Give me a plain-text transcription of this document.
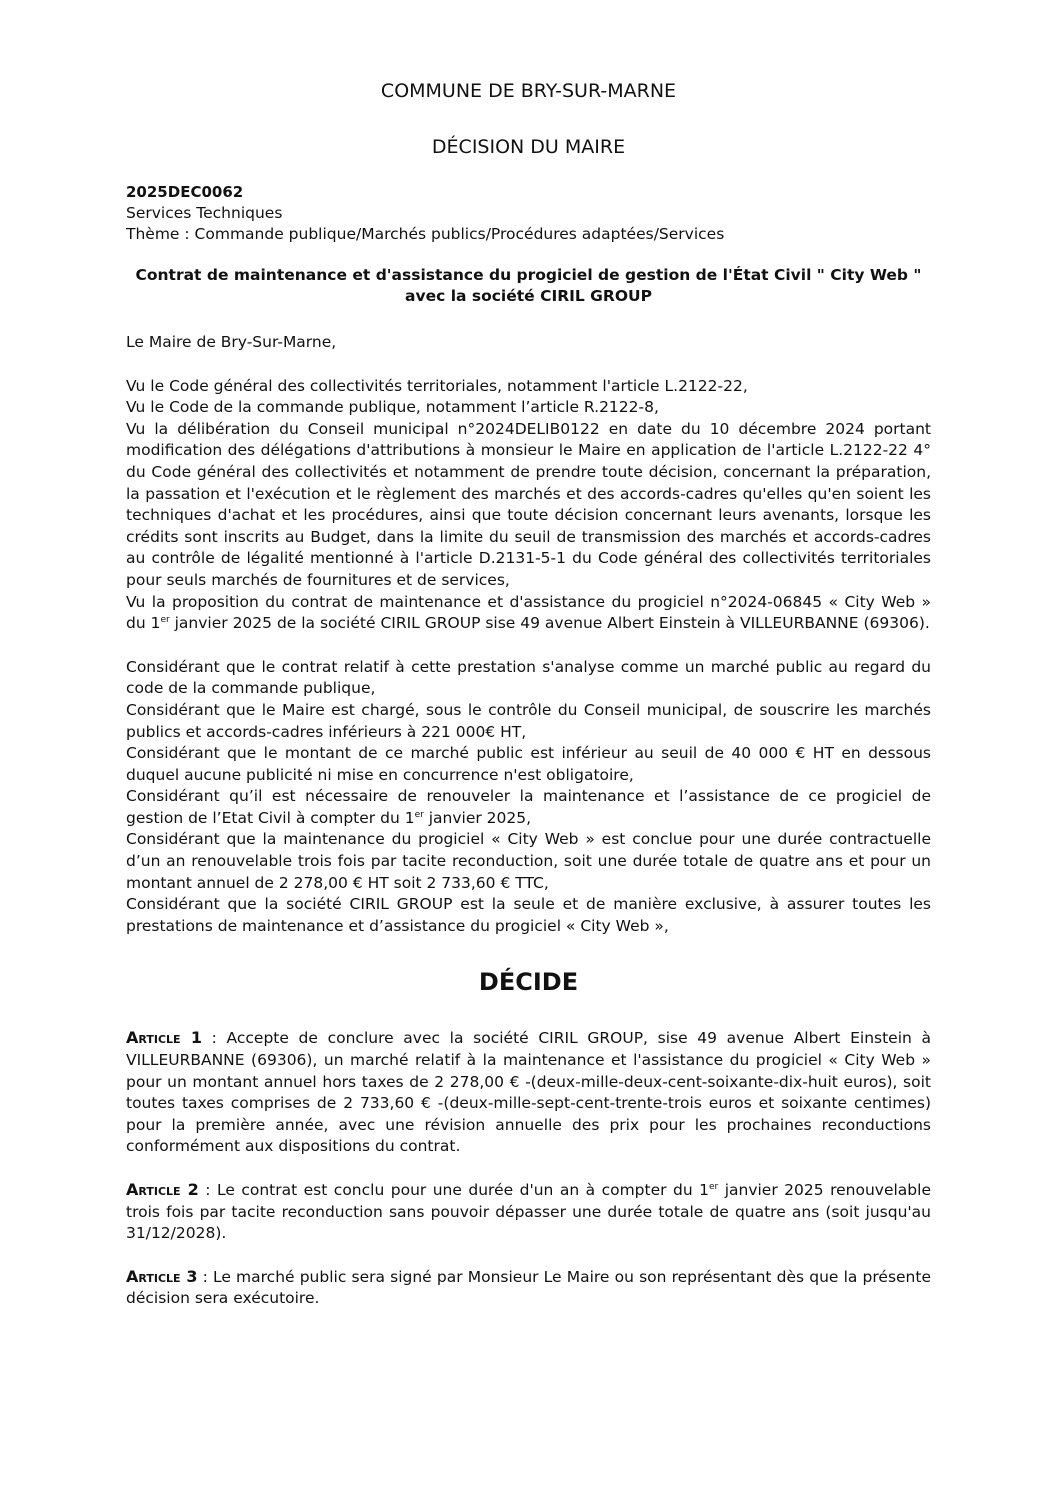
COMMUNE DE BRY-SUR-MARNE
DÉCISION DU MAIRE
2025DEC0062
Services Techniques
Thème : Commande publique/Marchés publics/Procédures adaptées/Services
Contrat de maintenance et d'assistance du progiciel de gestion de l'État Civil " City Web "
avec la société CIRIL GROUP
Le Maire de Bry-Sur-Marne,
Vu le Code général des collectivités territoriales, notamment l'article L.2122-22,
Vu le Code de la commande publique, notamment l’article R.2122-8,
Vu la délibération du Conseil municipal n°2024DELIB0122 en date du 10 décembre 2024 portant modification des délégations d'attributions à monsieur le Maire en application de l'article L.2122-22 4° du Code général des collectivités et notamment de prendre toute décision, concernant la préparation, la passation et l'exécution et le règlement des marchés et des accords-cadres qu'elles qu'en soient les techniques d'achat et les procédures, ainsi que toute décision concernant leurs avenants, lorsque les crédits sont inscrits au Budget, dans la limite du seuil de transmission des marchés et accords-cadres au contrôle de légalité mentionné à l'article D.2131-5-1 du Code général des collectivités territoriales pour seuls marchés de fournitures et de services,
Vu la proposition du contrat de maintenance et d'assistance du progiciel n°2024-06845 « City Web » du 1er janvier 2025 de la société CIRIL GROUP sise 49 avenue Albert Einstein à VILLEURBANNE (69306).
Considérant que le contrat relatif à cette prestation s'analyse comme un marché public au regard du code de la commande publique,
Considérant que le Maire est chargé, sous le contrôle du Conseil municipal, de souscrire les marchés publics et accords-cadres inférieurs à 221 000€ HT,
Considérant que le montant de ce marché public est inférieur au seuil de 40 000 € HT en dessous duquel aucune publicité ni mise en concurrence n'est obligatoire,
Considérant qu’il est nécessaire de renouveler la maintenance et l’assistance de ce progiciel de gestion de l’Etat Civil à compter du 1er janvier 2025,
Considérant que la maintenance du progiciel « City Web » est conclue pour une durée contractuelle d’un an renouvelable trois fois par tacite reconduction, soit une durée totale de quatre ans et pour un montant annuel de 2 278,00 € HT soit 2 733,60 € TTC,
Considérant que la société CIRIL GROUP est la seule et de manière exclusive, à assurer toutes les prestations de maintenance et d’assistance du progiciel « City Web »,
DÉCIDE
Article 1 : Accepte de conclure avec la société CIRIL GROUP, sise 49 avenue Albert Einstein à VILLEURBANNE (69306), un marché relatif à la maintenance et l'assistance du progiciel « City Web » pour un montant annuel hors taxes de 2 278,00 € -(deux-mille-deux-cent-soixante-dix-huit euros), soit toutes taxes comprises de 2 733,60 € -(deux-mille-sept-cent-trente-trois euros et soixante centimes) pour la première année, avec une révision annuelle des prix pour les prochaines reconductions conformément aux dispositions du contrat.
Article 2 : Le contrat est conclu pour une durée d'un an à compter du 1er janvier 2025 renouvelable trois fois par tacite reconduction sans pouvoir dépasser une durée totale de quatre ans (soit jusqu'au 31/12/2028).
Article 3 : Le marché public sera signé par Monsieur Le Maire ou son représentant dès que la présente décision sera exécutoire.
